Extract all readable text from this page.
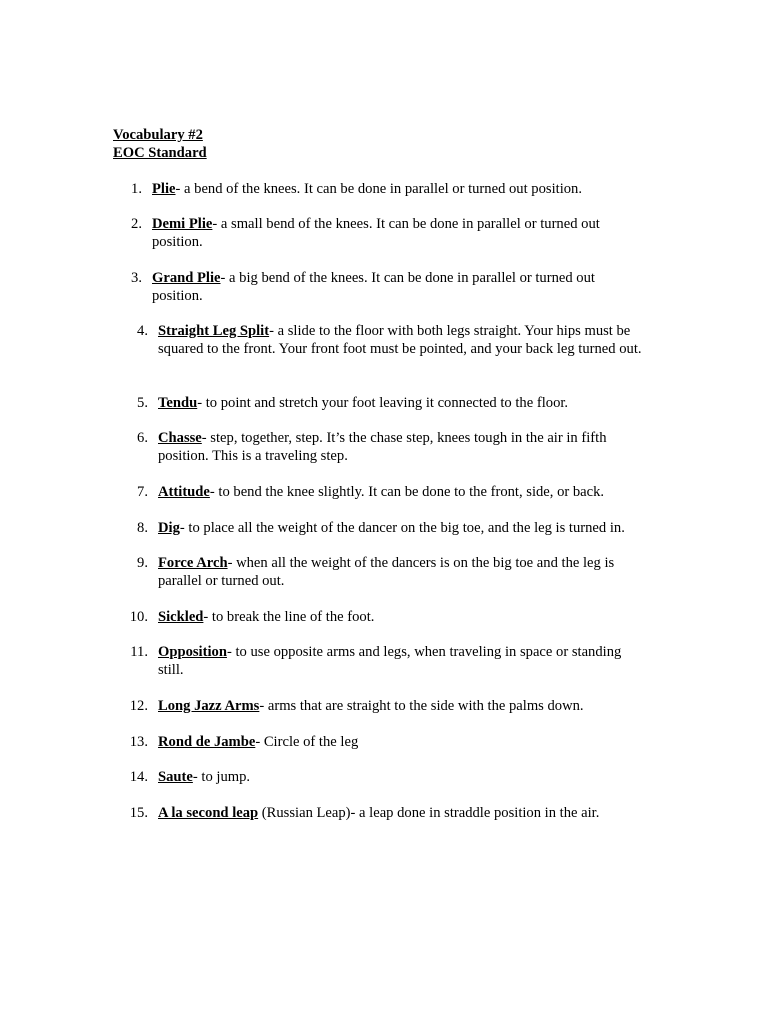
Vocabulary #2
EOC Standard
1. Plie- a bend of the knees. It can be done in parallel or turned out position.
2. Demi Plie- a small bend of the knees. It can be done in parallel or turned out position.
3. Grand Plie- a big bend of the knees. It can be done in parallel or turned out position.
4. Straight Leg Split- a slide to the floor with both legs straight. Your hips must be squared to the front. Your front foot must be pointed, and your back leg turned out.
5. Tendu- to point and stretch your foot leaving it connected to the floor.
6. Chasse- step, together, step. It’s the chase step, knees tough in the air in fifth position. This is a traveling step.
7. Attitude- to bend the knee slightly. It can be done to the front, side, or back.
8. Dig- to place all the weight of the dancer on the big toe, and the leg is turned in.
9. Force Arch- when all the weight of the dancers is on the big toe and the leg is parallel or turned out.
10. Sickled- to break the line of the foot.
11. Opposition- to use opposite arms and legs, when traveling in space or standing still.
12. Long Jazz Arms- arms that are straight to the side with the palms down.
13. Rond de Jambe- Circle of the leg
14. Saute- to jump.
15. A la second leap (Russian Leap)- a leap done in straddle position in the air.
